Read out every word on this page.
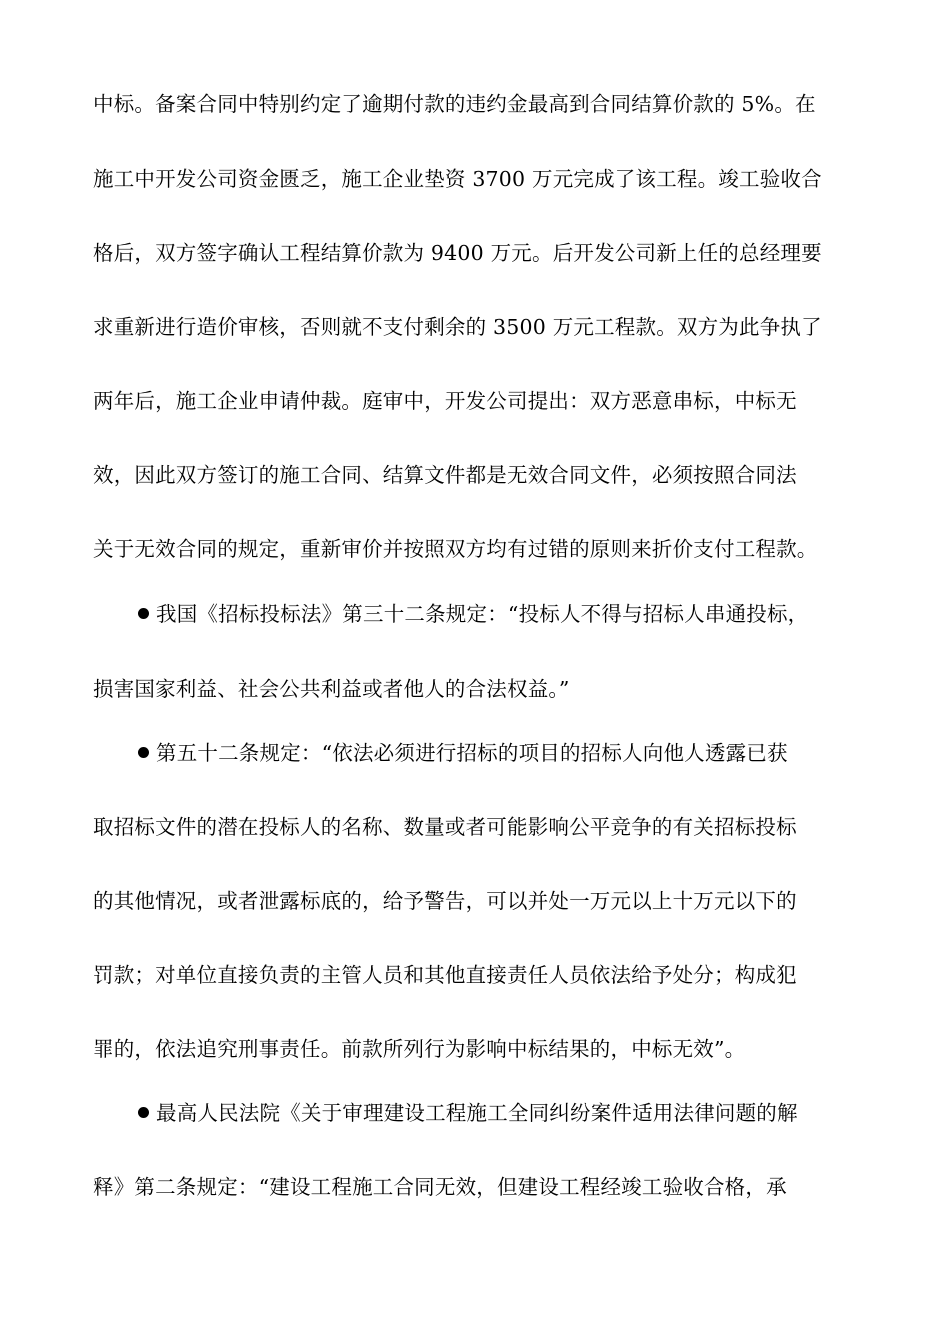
中标。备案合同中特别约定了逾期付款的违约金最高到合同结算价款的 5%。在
施工中开发公司资金匮乏，施工企业垫资 3700 万元完成了该工程。竣工验收合
格后，双方签字确认工程结算价款为 9400 万元。后开发公司新上任的总经理要
求重新进行造价审核，否则就不支付剩余的 3500 万元工程款。双方为此争执了
两年后，施工企业申请仲裁。庭审中，开发公司提出：双方恶意串标，中标无
效，因此双方签订的施工合同、结算文件都是无效合同文件，必须按照合同法
关于无效合同的规定，重新审价并按照双方均有过错的原则来折价支付工程款。
我国《招标投标法》第三十二条规定：“投标人不得与招标人串通投标，
损害国家利益、社会公共利益或者他人的合法权益。”
第五十二条规定：“依法必须进行招标的项目的招标人向他人透露已获
取招标文件的潜在投标人的名称、数量或者可能影响公平竞争的有关招标投标
的其他情况，或者泄露标底的，给予警告，可以并处一万元以上十万元以下的
罚款；对单位直接负责的主管人员和其他直接责任人员依法给予处分；构成犯
罪的，依法追究刑事责任。前款所列行为影响中标结果的，中标无效”。
最高人民法院《关于审理建设工程施工全同纠纷案件适用法律问题的解
释》第二条规定：“建设工程施工合同无效，但建设工程经竣工验收合格，承
